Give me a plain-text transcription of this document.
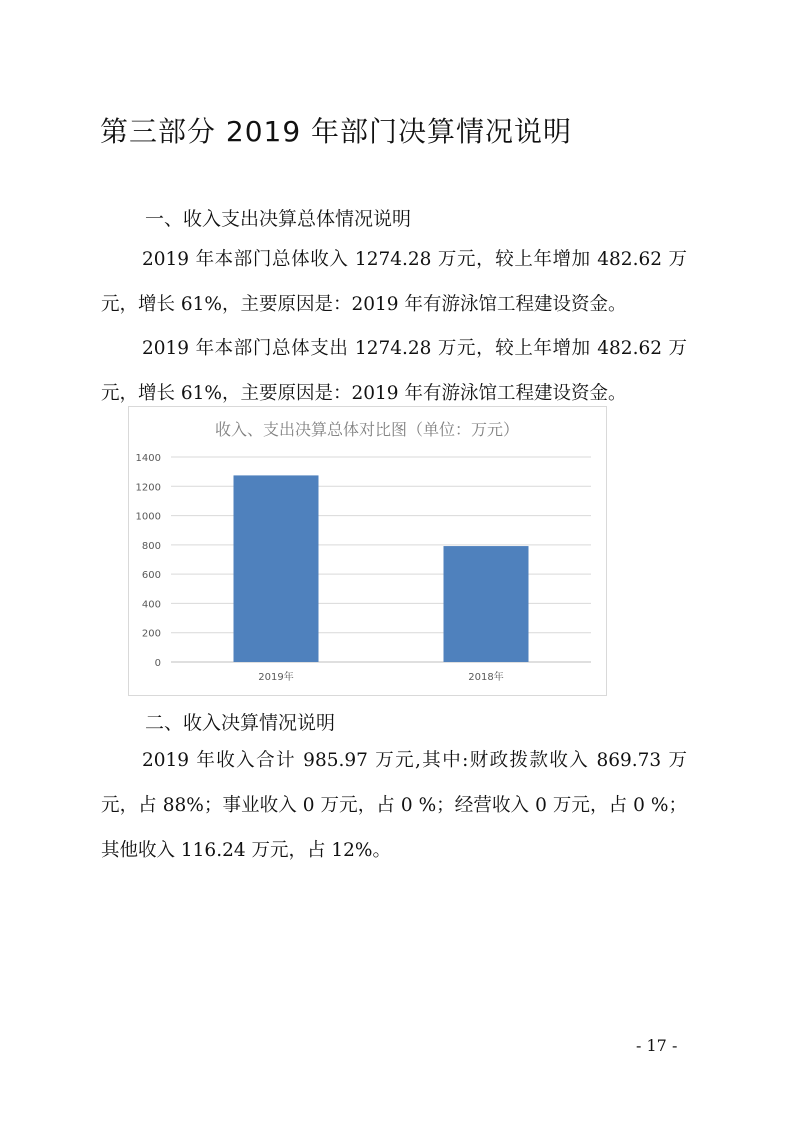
第三部分 2019 年部门决算情况说明
一、收入支出决算总体情况说明

2019 年本部门总体收入 1274.28 万元，较上年增加 482.62 万元，增长 61%，主要原因是：2019 年有游泳馆工程建设资金。

2019 年本部门总体支出 1274.28 万元，较上年增加 482.62 万元，增长 61%，主要原因是：2019 年有游泳馆工程建设资金。

收入、支出决算总体对比图（单位：万元）
0
200
400
600
800
1000
1200
1400
2019年	2018年
二、收入决算情况说明

2019 年收入合计 985.97 万元,其中:财政拨款收入 869.73 万元，占 88%；事业收入 0 万元，占 0 %；经营收入 0 万元，占 0 %；其他收入 116.24 万元，占 12%。

- 17 -
